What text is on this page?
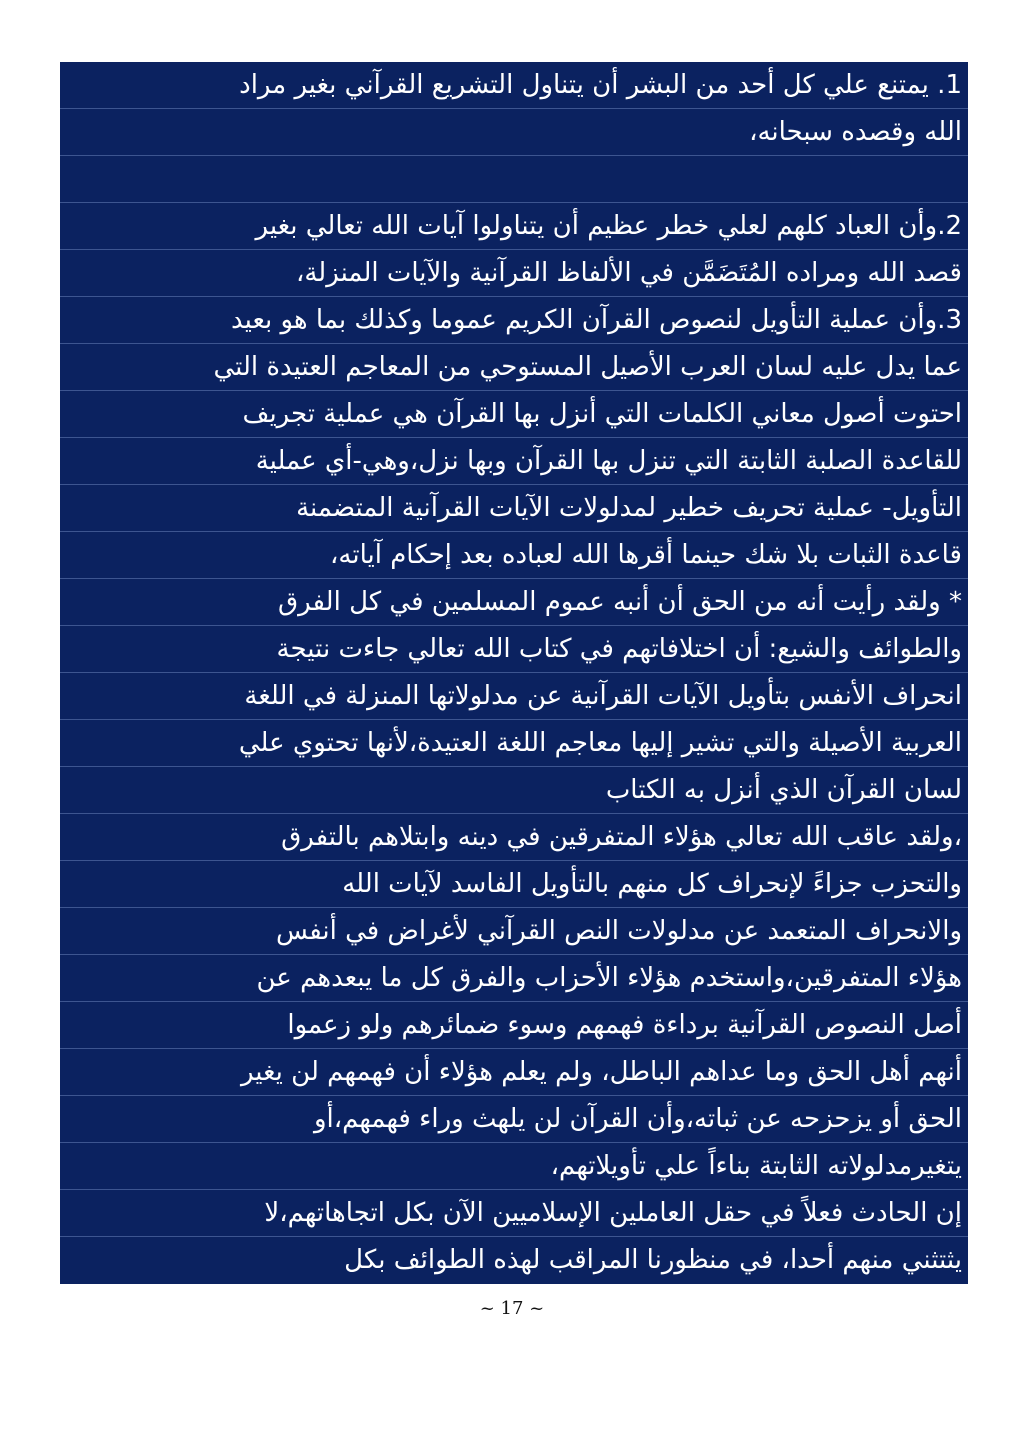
1. يمتنع علي كل أحد من البشر أن يتناول التشريع القرآني بغير مراد
الله وقصده سبحانه،
2.وأن العباد كلهم لعلي خطر عظيم أن يتناولوا آيات الله تعالي بغير
قصد الله ومراده المُتَضَمَّن في الألفاظ القرآنية والآيات المنزلة،
3.وأن عملية التأويل لنصوص القرآن الكريم عموما وكذلك بما هو بعيد
عما يدل عليه لسان العرب الأصيل المستوحي من المعاجم العتيدة التي
احتوت أصول معاني الكلمات التي أنزل بها القرآن هي عملية تجريف
للقاعدة الصلبة الثابتة التي تنزل بها القرآن وبها نزل،وهي-أي عملية
التأويل- عملية تحريف خطير لمدلولات الآيات القرآنية المتضمنة
قاعدة الثبات بلا شك حينما أقرها الله لعباده بعد إحكام آياته،
* ولقد رأيت أنه من الحق أن أنبه عموم المسلمين في كل الفرق
والطوائف والشيع: أن اختلافاتهم في كتاب الله تعالي جاءت نتيجة
انحراف الأنفس بتأويل الآيات القرآنية عن مدلولاتها المنزلة في اللغة
العربية الأصيلة والتي تشير إليها معاجم اللغة العتيدة،لأنها تحتوي علي
لسان القرآن الذي أنزل به الكتاب
،ولقد عاقب الله تعالي هؤلاء المتفرقين في دينه وابتلاهم بالتفرق
والتحزب جزاءً لإنحراف كل منهم بالتأويل الفاسد لآيات الله
والانحراف المتعمد عن مدلولات النص القرآني لأغراض في أنفس
هؤلاء المتفرقين،واستخدم هؤلاء الأحزاب والفرق كل ما يبعدهم عن
أصل النصوص القرآنية برداءة فهمهم وسوء ضمائرهم ولو زعموا
أنهم أهل الحق وما عداهم الباطل، ولم يعلم هؤلاء أن فهمهم لن يغير
الحق أو يزحزحه عن ثباته،وأن القرآن لن يلهث وراء فهمهم،أو
يتغيرمدلولاته الثابتة بناءاً علي تأويلاتهم،
إن الحادث فعلاً في حقل العاملين الإسلاميين الآن بكل اتجاهاتهم،لا
يثتثني منهم أحدا، في منظورنا المراقب لهذه الطوائف بكل
~ 17 ~
